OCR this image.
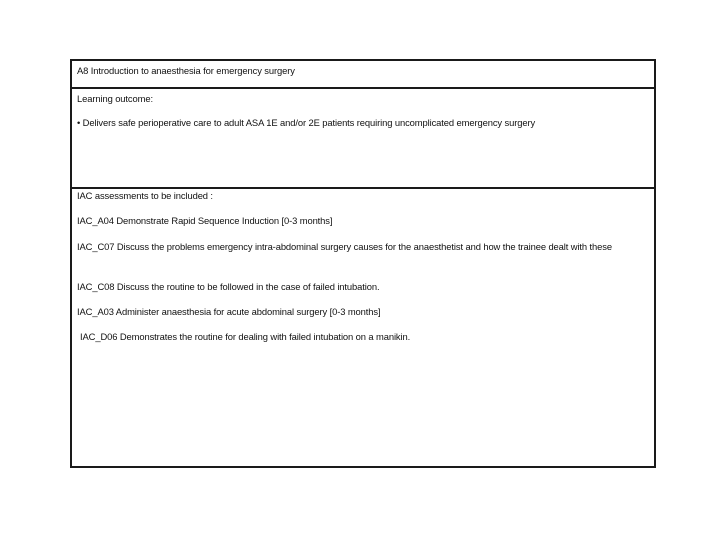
A8 Introduction to anaesthesia for emergency surgery
Learning outcome:
• Delivers safe perioperative care to adult ASA 1E and/or 2E patients requiring uncomplicated emergency surgery
IAC assessments to be included :
IAC_A04 Demonstrate Rapid Sequence Induction [0-3 months]
IAC_C07 Discuss the problems emergency intra-abdominal surgery causes for the anaesthetist and how the trainee dealt with these
IAC_C08 Discuss the routine to be followed in the case of failed intubation.
IAC_A03 Administer anaesthesia for acute abdominal surgery [0-3 months]
IAC_D06 Demonstrates the routine for dealing with failed intubation on a manikin.
